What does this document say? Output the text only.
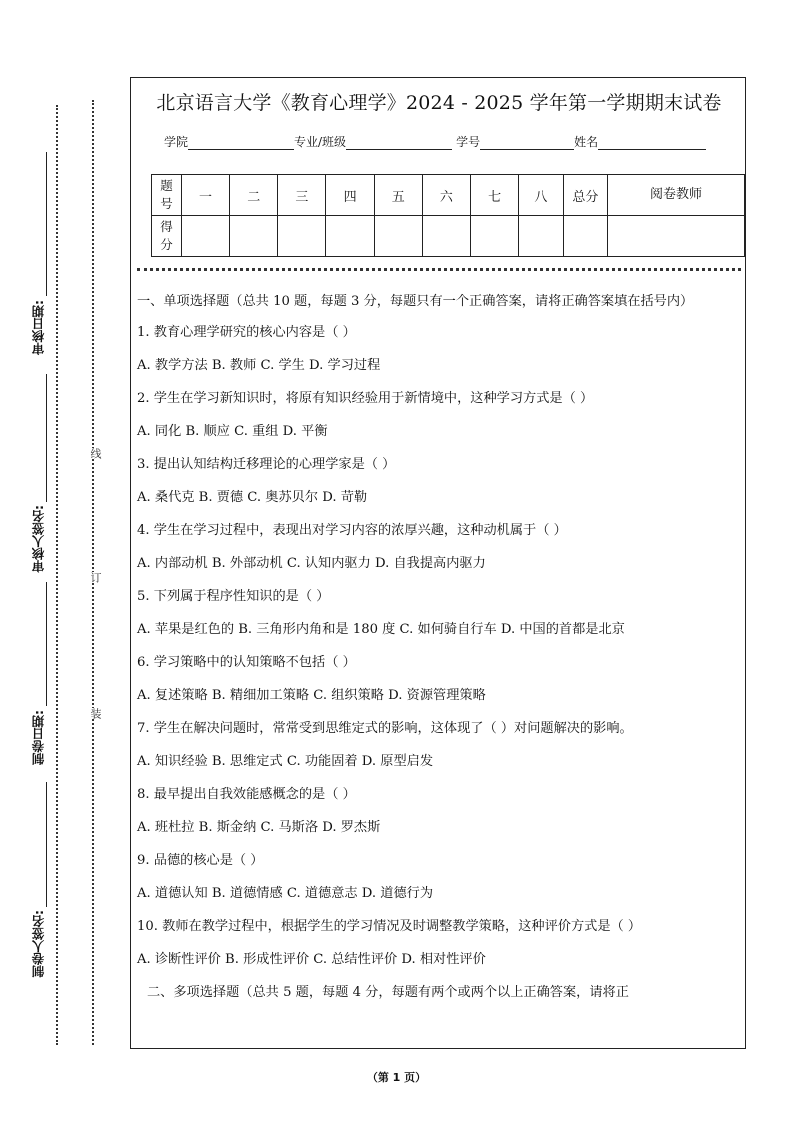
审核日期:
审核人签名:
制卷日期:
制卷人签名:
线
订
装
北京语言大学《教育心理学》2024 - 2025 学年第一学期期末试卷
学院	专业/班级	学号	姓名
题号	一	二	三	四	五	六	七	八	总分	阅卷教师
得分										

一、单项选择题（总共 10 题，每题 3 分，每题只有一个正确答案，请将正确答案填在括号内）

1. 教育心理学研究的核心内容是（ ）

A. 教学方法 B. 教师 C. 学生 D. 学习过程

2. 学生在学习新知识时，将原有知识经验用于新情境中，这种学习方式是（ ）

A. 同化 B. 顺应 C. 重组 D. 平衡

3. 提出认知结构迁移理论的心理学家是（ ）

A. 桑代克 B. 贾德 C. 奥苏贝尔 D. 苛勒

4. 学生在学习过程中，表现出对学习内容的浓厚兴趣，这种动机属于（ ）

A. 内部动机 B. 外部动机 C. 认知内驱力 D. 自我提高内驱力

5. 下列属于程序性知识的是（ ）

A. 苹果是红色的 B. 三角形内角和是 180 度 C. 如何骑自行车 D. 中国的首都是北京

6. 学习策略中的认知策略不包括（ ）

A. 复述策略 B. 精细加工策略 C. 组织策略 D. 资源管理策略

7. 学生在解决问题时，常常受到思维定式的影响，这体现了（ ）对问题解决的影响。

A. 知识经验 B. 思维定式 C. 功能固着 D. 原型启发

8. 最早提出自我效能感概念的是（ ）

A. 班杜拉 B. 斯金纳 C. 马斯洛 D. 罗杰斯

9. 品德的核心是（ ）

A. 道德认知 B. 道德情感 C. 道德意志 D. 道德行为

10. 教师在教学过程中，根据学生的学习情况及时调整教学策略，这种评价方式是（ ）

A. 诊断性评价 B. 形成性评价 C. 总结性评价 D. 相对性评价

二、多项选择题（总共 5 题，每题 4 分，每题有两个或两个以上正确答案，请将正

（第 1 页）
